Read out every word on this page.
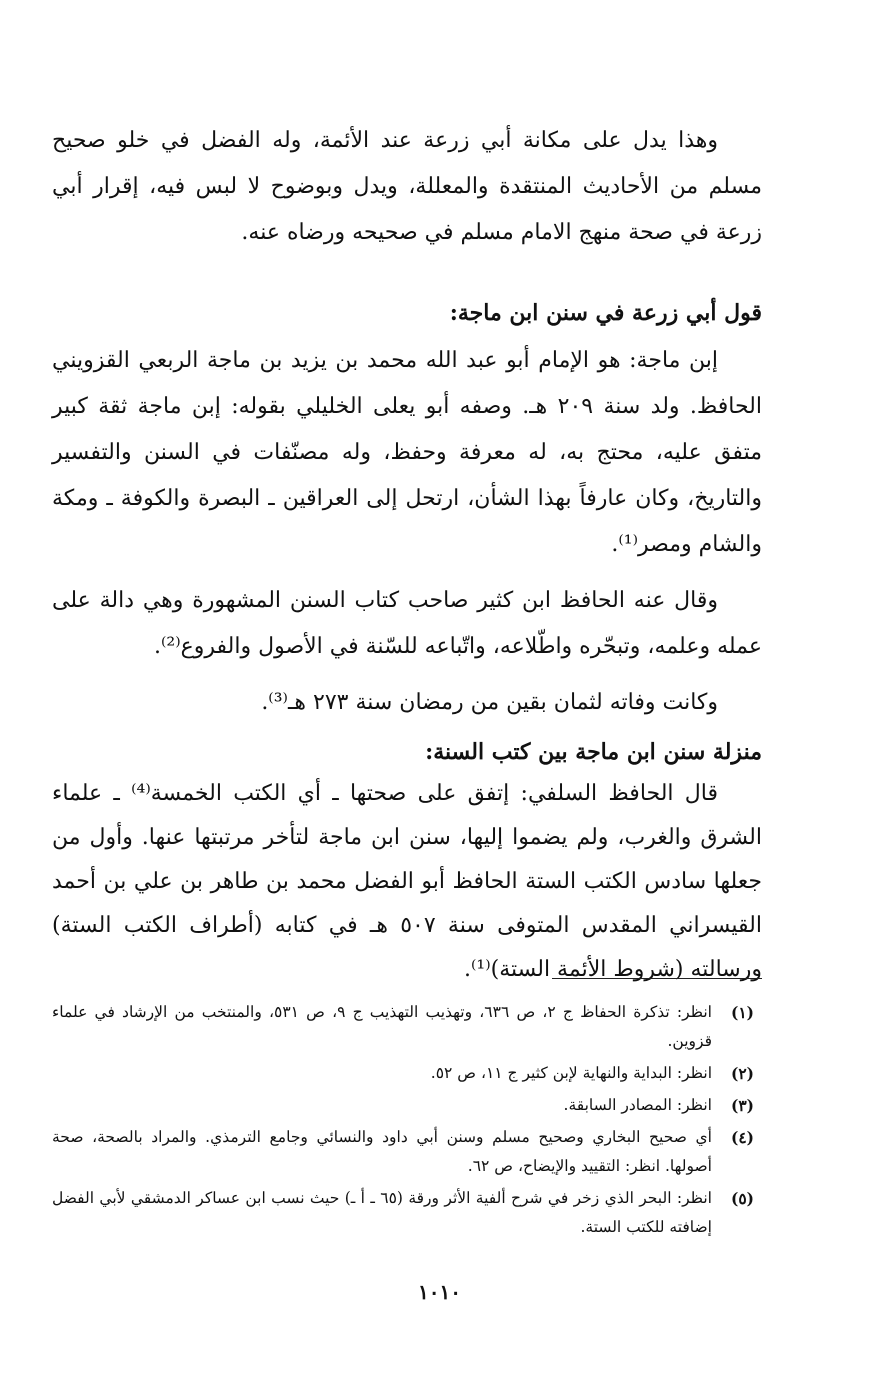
وهذا يدل على مكانة أبي زرعة عند الأئمة، وله الفضل في خلو صحيح مسلم من الأحاديث المنتقدة والمعللة، ويدل وبوضوح لا لبس فيه، إقرار أبي زرعة في صحة منهج الامام مسلم في صحيحه ورضاه عنه.

قول أبي زرعة في سنن ابن ماجة:

إبن ماجة: هو الإمام أبو عبد الله محمد بن يزيد بن ماجة الربعي القزويني الحافظ. ولد سنة ٢٠٩ هـ. وصفه أبو يعلى الخليلي بقوله: إبن ماجة ثقة كبير متفق عليه، محتج به، له معرفة وحفظ، وله مصنّفات في السنن والتفسير والتاريخ، وكان عارفاً بهذا الشأن، ارتحل إلى العراقين ـ البصرة والكوفة ـ ومكة والشام ومصر⁽¹⁾.

وقال عنه الحافظ ابن كثير صاحب كتاب السنن المشهورة وهي دالة على عمله وعلمه، وتبحّره واطّلاعه، واتّباعه للسّنة في الأصول والفروع⁽²⁾.

وكانت وفاته لثمان بقين من رمضان سنة ٢٧٣ هـ⁽³⁾.

منزلة سنن ابن ماجة بين كتب السنة:

قال الحافظ السلفي: إتفق على صحتها ـ أي الكتب الخمسة⁽⁴⁾ ـ علماء الشرق والغرب، ولم يضموا إليها، سنن ابن ماجة لتأخر مرتبتها عنها. وأول من جعلها سادس الكتب الستة الحافظ أبو الفضل محمد بن طاهر بن علي بن أحمد القيسراني المقدس المتوفى سنة ٥٠٧ هـ في كتابه (أطراف الكتب الستة) ورسالته (شروط الأئمة الستة)⁽¹⁾.

(١)
انظر: تذكرة الحفاظ ج ٢، ص ٦٣٦، وتهذيب التهذيب ج ٩، ص ٥٣١، والمنتخب من الإرشاد في علماء قزوين.

(٢)
انظر: البداية والنهاية لإبن كثير ج ١١، ص ٥٢.

(٣)
انظر: المصادر السابقة.

(٤)
أي صحيح البخاري وصحيح مسلم وسنن أبي داود والنسائي وجامع الترمذي. والمراد بالصحة، صحة أصولها. انظر: التقييد والإيضاح، ص ٦٢.

(٥)
انظر: البحر الذي زخر في شرح ألفية الأثر ورقة (٦٥ ـ أ ـ) حيث نسب ابن عساكر الدمشقي لأبي الفضل إضافته للكتب الستة.

١٠١٠
